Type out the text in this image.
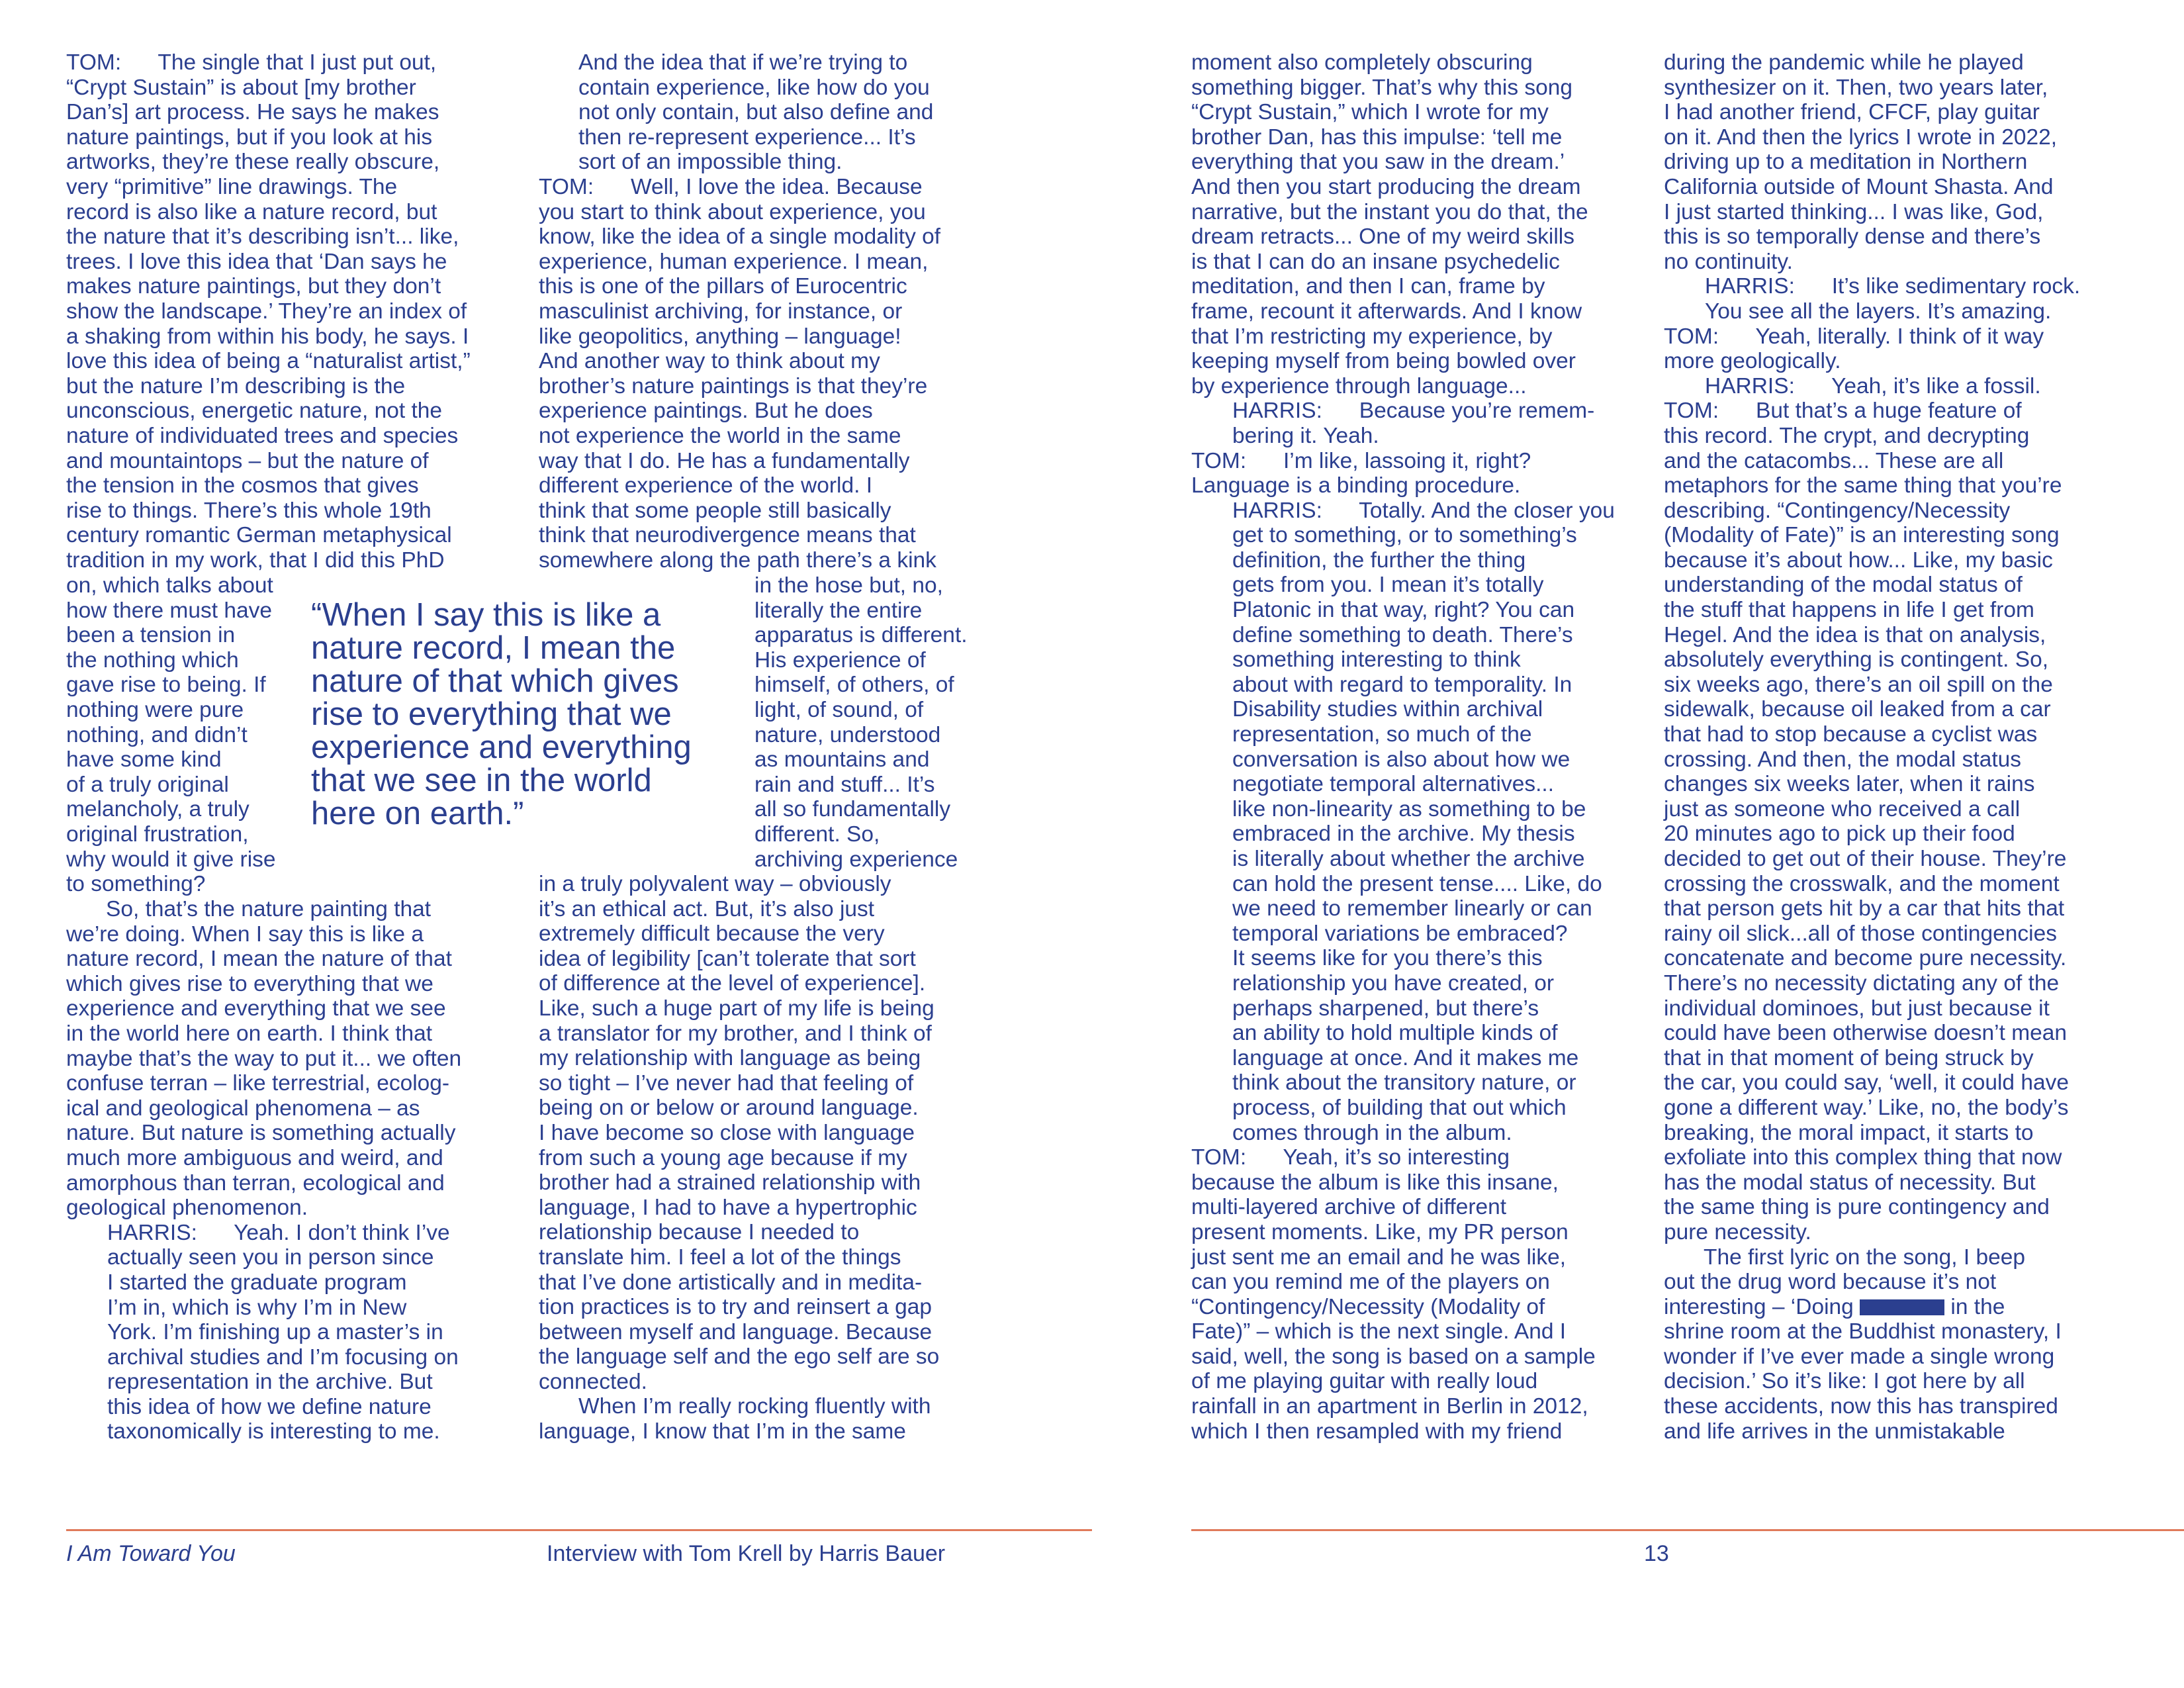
TOM:      The single that I just put out,

“Crypt Sustain” is about [my brother

Dan’s] art process. He says he makes

nature paintings, but if you look at his

artworks, they’re these really obscure,

very “primitive” line drawings. The

record is also like a nature record, but

the nature that it’s describing isn’t... like,

trees. I love this idea that ‘Dan says he

makes nature paintings, but they don’t

show the landscape.’ They’re an index of

a shaking from within his body, he says. I

love this idea of being a “naturalist artist,”

but the nature I’m describing is the

unconscious, energetic nature, not the

nature of individuated trees and species

and mountaintops – but the nature of

the tension in the cosmos that gives

rise to things. There’s this whole 19th

century romantic German metaphysical

tradition in my work, that I did this PhD

on, which talks about

how there must have

been a tension in

the nothing which

gave rise to being. If

nothing were pure

nothing, and didn’t

have some kind

of a truly original

melancholy, a truly

original frustration,

why would it give rise

to something?

So, that’s the nature painting that

we’re doing. When I say this is like a

nature record, I mean the nature of that

which gives rise to everything that we

experience and everything that we see

in the world here on earth. I think that

maybe that’s the way to put it... we often

confuse terran – like terrestrial, ecolog-

ical and geological phenomena – as

nature. But nature is something actually

much more ambiguous and weird, and

amorphous than terran, ecological and

geological phenomenon.

HARRIS:      Yeah. I don’t think I’ve

actually seen you in person since

I started the graduate program

I’m in, which is why I’m in New

York. I’m finishing up a master’s in

archival studies and I’m focusing on

representation in the archive. But

this idea of how we define nature

taxonomically is interesting to me.

And the idea that if we’re trying to

contain experience, like how do you

not only contain, but also define and

then re-represent experience... It’s

sort of an impossible thing.

TOM:      Well, I love the idea. Because

you start to think about experience, you

know, like the idea of a single modality of

experience, human experience. I mean,

this is one of the pillars of Eurocentric

masculinist archiving, for instance, or

like geopolitics, anything – language!

And another way to think about my

brother’s nature paintings is that they’re

experience paintings. But he does

not experience the world in the same

way that I do. He has a fundamentally

different experience of the world. I

think that some people still basically

think that neurodivergence means that

somewhere along the path there’s a kink

in the hose but, no,

literally the entire

apparatus is different.

His experience of

himself, of others, of

light, of sound, of

nature, understood

as mountains and

rain and stuff... It’s

all so fundamentally

different. So,

archiving experience

in a truly polyvalent way – obviously

it’s an ethical act. But, it’s also just

extremely difficult because the very

idea of legibility [can’t tolerate that sort

of difference at the level of experience].

Like, such a huge part of my life is being

a translator for my brother, and I think of

my relationship with language as being

so tight – I’ve never had that feeling of

being on or below or around language.

I have become so close with language

from such a young age because if my

brother had a strained relationship with

language, I had to have a hypertrophic

relationship because I needed to

translate him. I feel a lot of the things

that I’ve done artistically and in medita-

tion practices is to try and reinsert a gap

between myself and language. Because

the language self and the ego self are so

connected.

When I’m really rocking fluently with

language, I know that I’m in the same

“When I say this is like a

nature record, I mean the

nature of that which gives

rise to everything that we

experience and everything

that we see in the world

here on earth.”

moment also completely obscuring

something bigger. That’s why this song

“Crypt Sustain,” which I wrote for my

brother Dan, has this impulse: ‘tell me

everything that you saw in the dream.’

And then you start producing the dream

narrative, but the instant you do that, the

dream retracts... One of my weird skills

is that I can do an insane psychedelic

meditation, and then I can, frame by

frame, recount it afterwards. And I know

that I’m restricting my experience, by

keeping myself from being bowled over

by experience through language...

HARRIS:      Because you’re remem-

bering it. Yeah.

TOM:      I’m like, lassoing it, right?

Language is a binding procedure.

HARRIS:      Totally. And the closer you

get to something, or to something’s

definition, the further the thing

gets from you. I mean it’s totally

Platonic in that way, right? You can

define something to death. There’s

something interesting to think

about with regard to temporality. In

Disability studies within archival

representation, so much of the

conversation is also about how we

negotiate temporal alternatives...

like non-linearity as something to be

embraced in the archive. My thesis

is literally about whether the archive

can hold the present tense.... Like, do

we need to remember linearly or can

temporal variations be embraced?

It seems like for you there’s this

relationship you have created, or

perhaps sharpened, but there’s

an ability to hold multiple kinds of

language at once. And it makes me

think about the transitory nature, or

process, of building that out which

comes through in the album.

TOM:      Yeah, it’s so interesting

because the album is like this insane,

multi-layered archive of different

present moments. Like, my PR person

just sent me an email and he was like,

can you remind me of the players on

“Contingency/Necessity (Modality of

Fate)” – which is the next single. And I

said, well, the song is based on a sample

of me playing guitar with really loud

rainfall in an apartment in Berlin in 2012,

which I then resampled with my friend

during the pandemic while he played

synthesizer on it. Then, two years later,

I had another friend, CFCF, play guitar

on it. And then the lyrics I wrote in 2022,

driving up to a meditation in Northern

California outside of Mount Shasta. And

I just started thinking... I was like, God,

this is so temporally dense and there’s

no continuity.

HARRIS:      It’s like sedimentary rock.

You see all the layers. It’s amazing.

TOM:      Yeah, literally. I think of it way

more geologically.

HARRIS:      Yeah, it’s like a fossil.

TOM:      But that’s a huge feature of

this record. The crypt, and decrypting

and the catacombs... These are all

metaphors for the same thing that you’re

describing. “Contingency/Necessity

(Modality of Fate)” is an interesting song

because it’s about how... Like, my basic

understanding of the modal status of

the stuff that happens in life I get from

Hegel. And the idea is that on analysis,

absolutely everything is contingent. So,

six weeks ago, there’s an oil spill on the

sidewalk, because oil leaked from a car

that had to stop because a cyclist was

crossing. And then, the modal status

changes six weeks later, when it rains

just as someone who received a call

20 minutes ago to pick up their food

decided to get out of their house. They’re

crossing the crosswalk, and the moment

that person gets hit by a car that hits that

rainy oil slick...all of those contingencies

concatenate and become pure necessity.

There’s no necessity dictating any of the

individual dominoes, but just because it

could have been otherwise doesn’t mean

that in that moment of being struck by

the car, you could say, ‘well, it could have

gone a different way.’ Like, no, the body’s

breaking, the moral impact, it starts to

exfoliate into this complex thing that now

has the modal status of necessity. But

the same thing is pure contingency and

pure necessity.

The first lyric on the song, I beep

out the drug word because it’s not

interesting – ‘Doing	in the

shrine room at the Buddhist monastery, I

wonder if I’ve ever made a single wrong

decision.’ So it’s like: I got here by all

these accidents, now this has transpired

and life arrives in the unmistakable

I Am Toward You	Interview with Tom Krell by Harris Bauer	13
